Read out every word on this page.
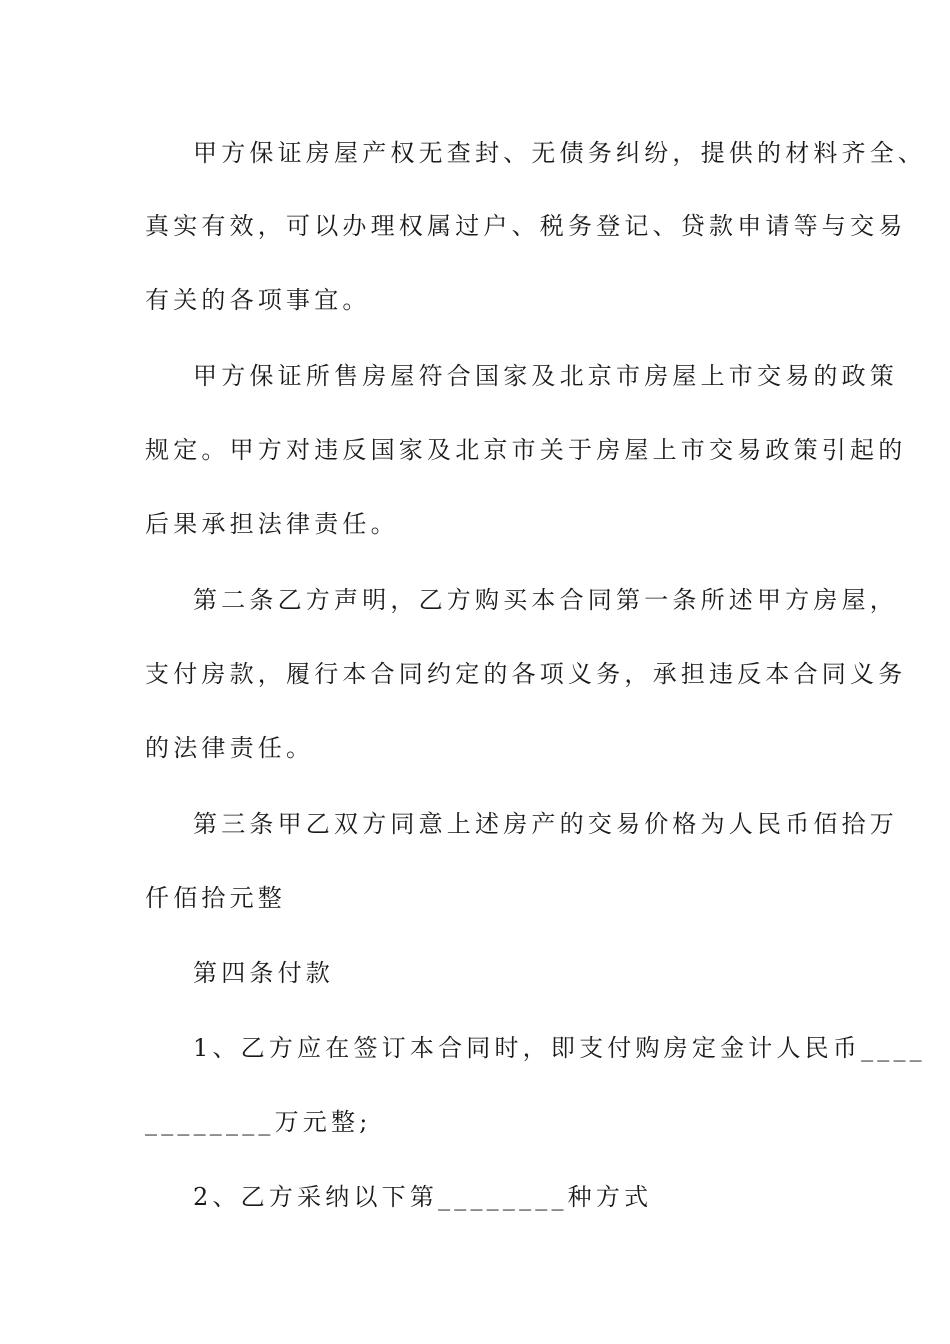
甲方保证房屋产权无查封、无债务纠纷，提供的材料齐全、
真实有效，可以办理权属过户、税务登记、贷款申请等与交易
有关的各项事宜。
甲方保证所售房屋符合国家及北京市房屋上市交易的政策
规定。甲方对违反国家及北京市关于房屋上市交易政策引起的
后果承担法律责任。
第二条乙方声明，乙方购买本合同第一条所述甲方房屋，
支付房款，履行本合同约定的各项义务，承担违反本合同义务
的法律责任。
第三条甲乙双方同意上述房产的交易价格为人民币佰拾万
仟佰拾元整
第四条付款
1、乙方应在签订本合同时，即支付购房定金计人民币____
________万元整;
2、乙方采纳以下第________种方式
